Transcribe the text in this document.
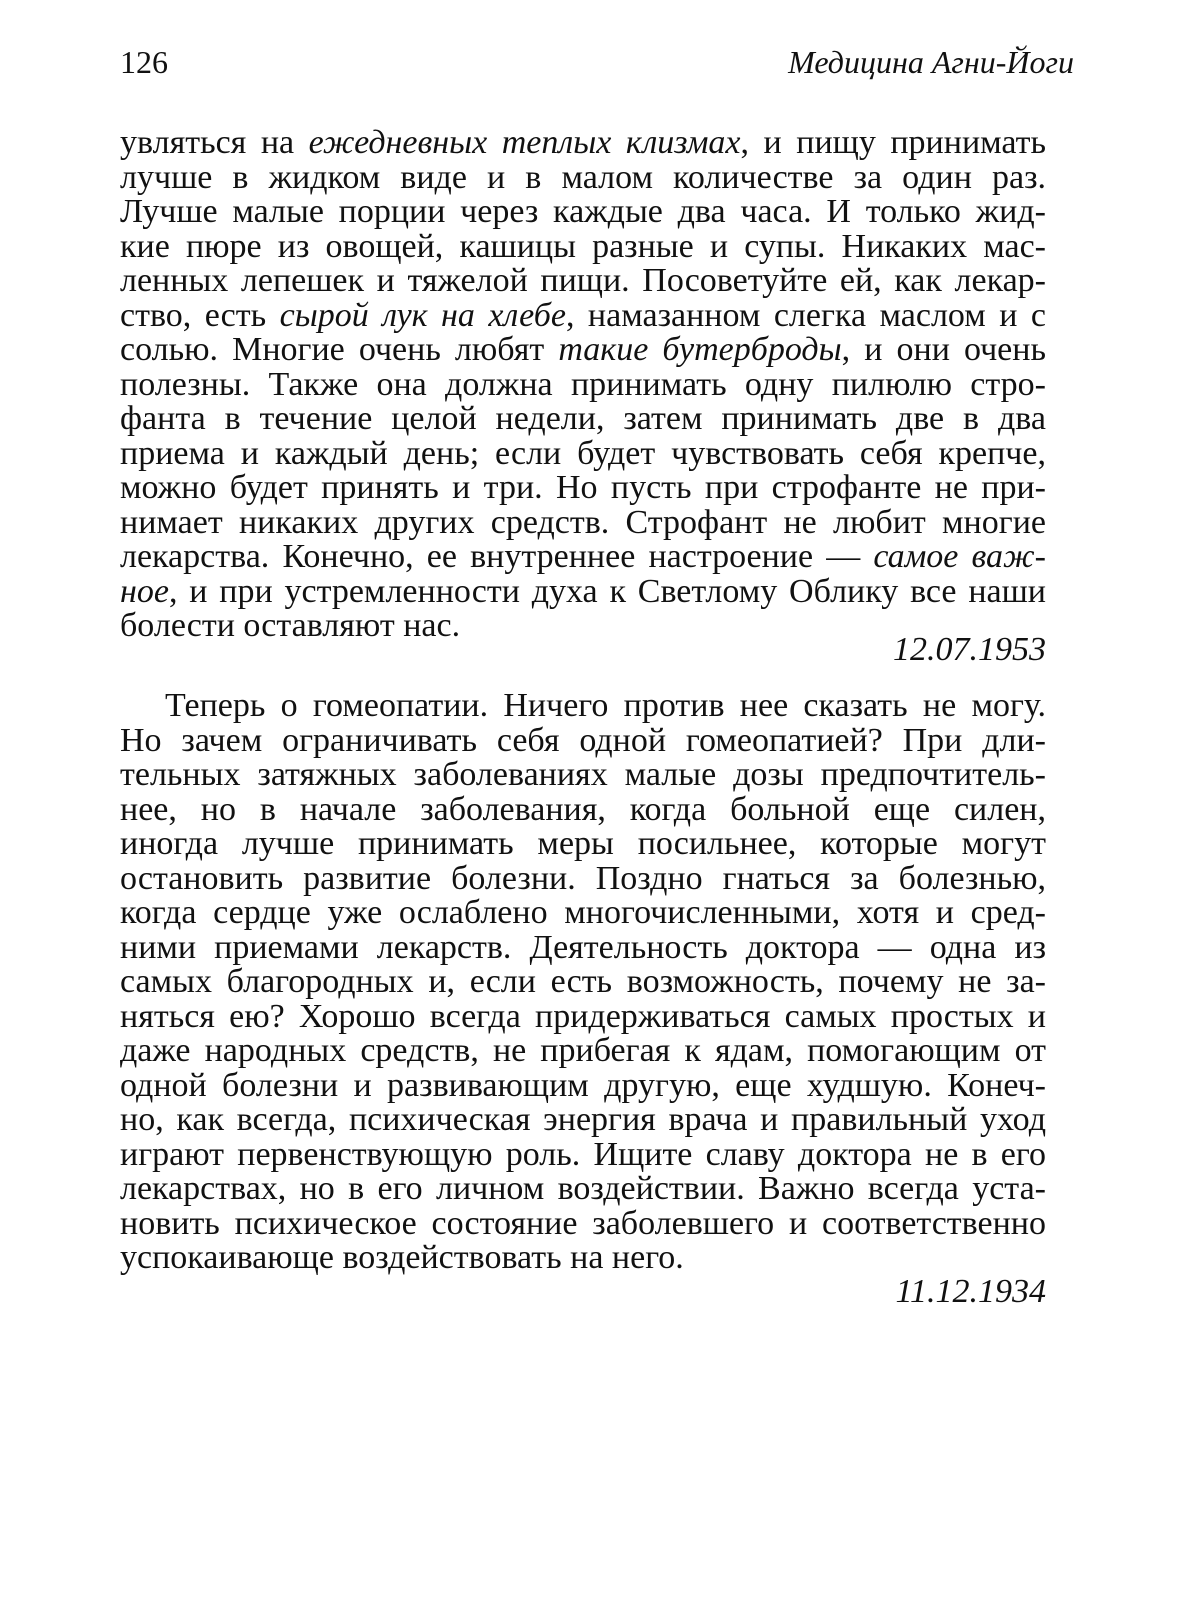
126	Медицина Агни-Йоги
увляться на ежедневных теплых клизмах, и пищу принимать
лучше в жидком виде и в малом количестве за один раз.
Лучше малые порции через каждые два часа. И только жид-
кие пюре из овощей, кашицы разные и супы. Никаких мас-
ленных лепешек и тяжелой пищи. Посоветуйте ей, как лекар-
ство, есть сырой лук на хлебе, намазанном слегка маслом и с
солью. Многие очень любят такие бутерброды, и они очень
полезны. Также она должна принимать одну пилюлю стро-
фанта в течение целой недели, затем принимать две в два
приема и каждый день; если будет чувствовать себя крепче,
можно будет принять и три. Но пусть при строфанте не при-
нимает никаких других средств. Строфант не любит многие
лекарства. Конечно, ее внутреннее настроение — самое важ-
ное, и при устремленности духа к Светлому Облику все наши
болести оставляют нас.
12.07.1953
Теперь о гомеопатии. Ничего против нее сказать не могу.
Но зачем ограничивать себя одной гомеопатией? При дли-
тельных затяжных заболеваниях малые дозы предпочтитель-
нее, но в начале заболевания, когда больной еще силен,
иногда лучше принимать меры посильнее, которые могут
остановить развитие болезни. Поздно гнаться за болезнью,
когда сердце уже ослаблено многочисленными, хотя и сред-
ними приемами лекарств. Деятельность доктора — одна из
самых благородных и, если есть возможность, почему не за-
няться ею? Хорошо всегда придерживаться самых простых и
даже народных средств, не прибегая к ядам, помогающим от
одной болезни и развивающим другую, еще худшую. Конеч-
но, как всегда, психическая энергия врача и правильный уход
играют первенствующую роль. Ищите славу доктора не в его
лекарствах, но в его личном воздействии. Важно всегда уста-
новить психическое состояние заболевшего и соответственно
успокаивающе воздействовать на него.
11.12.1934
